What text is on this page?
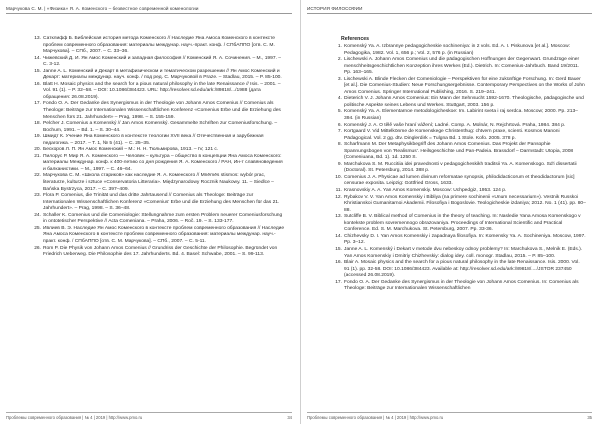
Марчукова С. М. | «Физика» Я. А. Коменского – безвестное современной коменологии
13. Сатклифф Б. Библейская история метода Коменского // Наследие Яна Амоса Коменского в контексте проблем современного образования: материалы междунар. науч.-практ. конф. / СПбАППО [отв. С. М. Марчукова]. – СПб., 2007. – С. 33–36.
14. Чижевский Д. И. Ян Амос Коменский и западная философия // Коменский Я. А. Сочинения. – М., 1997. – С. 3-12.
15. Janne A. L. Коменский и Декарт в метафизическом и тематическом разрешении // Ян Амос Коменский и Декарт: материалы междунар. науч. конф. / под ред. С. Марчуковой в Praze. – Stadlau, 2015. – P. 85-100.
16. Blatt H. Mosaic physics and the search for a pious natural philosophy in the late Renaissance // Isis. – 2001. – Vol. 91 (1). – P. 32–58. – DOI: 10.1086/384423. URL: http://resolver.sd.edu/ark:/89818/.../1988 (дата обращения: 26.08.2019).
17. Fondo O. A. Der Gedanke des Synergismus in der Theologie von Johann Amos Comenius // Comenius als Theologe: Beiträge zur Internationalen Wissenschaftlichen Konferenz «Comenius Erbe und die Erziehung des Menschen fürs 21. Jahrhundert» – Prag, 1998. – S. 155-159.
18. Pelcher J. Comenius a Komenský // Jan Amos Komenský. Gesammelte Schriften zur Comeniusforschung. – Bochum, 1991. – Bd. 1. – S. 30–44.
19. Шмидт К. Учение Яна Коменского в контексте теологии XVII века // Отечественная и зарубежная педагогика. – 2017. – Т. 1, № 5 (41). – С. 25–35.
20. Бескоров Л. П. Ян Амос Коменский – М.: Н. Н. Тюльмирова, 1913. – IV, 121 с.
21. Пилорус Р. Мир Я. А. Коменского — Человек – культура – общество в концепции Яна Амоса Коменского: материалы Междунар. конф. к 400-летию со дня рождения Я. А. Коменского / РАН, Ин-т славяноведения и балканистики. – М., 1997. – С. 46–64.
22. Марчукова С. М. «Школа стариков» как наследие Я. А. Коменского // Mnēmēs stismos: wybór prac, literaturze, kulturze i sztuce «Conservatoria Litteraria». Międzynarodowy Rocznik Naukowy. 11. – Siedlce – Bańska Bystrzyca, 2017. – C. 397–409.
23. Flora P. Comenius, die Trinität und das dritte Jahrtausend // Comenius als Theologe: Beiträge zur Internationalen Wissenschaftlichen Konferenz «Comenius' Erbe und die Erziehung des Menschen für das 21. Jahrhundert». – Prag, 1998. – S. 36–48.
24. Schaller K. Comenius und die Comeniologie: Stellungnahme zum ersten Problem neuerer Comeniusforschung in ontotetischer Perspektive // Acta Comeniana. – Praha, 2006. – Roč. 19. – S. 133-177.
25. Ивлиев В. Э. Наследие Ян Амос Коменского в контексте проблем современного образования // Наследие Яна Амоса Коменского в контексте проблем современного образования: материалы междунар. науч.-практ. конф. / СПбАППО [отв. С. М. Марчукова]. – СПб., 2007. – С. 5-11.
26. Rom P. Die Physik von Johann Amos Comenius // Grundriss der Geschichte der Philosophie. Begründet von Friedrich Ueberweg. Die Philosophie des 17. Jahrhunderts. Bd. 4. Basel: Schwabe, 2001. – S. 99-113.
Проблемы современного образования | № 4 | 2019 | http://www.pmo.ru	34
ИСТОРИЯ ФИЛОСОФИИ
References
1. Komenský Ya. A. Izbrannye pedagogicheskie sochineniya: in 2 vols. Ed. A. I. Piskunova [et al.]. Moscow: Pedagogika, 1982. Vol. 1, 656 p.; Vol. 2, 576 p. (in Russian)
2. Lischewski A. Johann Amos Comenius und die pädagogischen Hoffnungen der Gegenwart. Grundzüge einer menschheitsgeschichtlichen Konzeption ihres Werkes (Ed.). Dietrich. In: Comenius-Jahrbuch. Band 19/2011. Pp. 163–165.
3. Lischewski A. Blinde Flecken der Comeniologie – Perspektiven für eine zukünftige Forschung. In: Gerd Bauer [et al.]. Die Comenius-Studien: Neue Forschungsergebnisse. Contemporary Perspectives on the Works of John Amos Comenius. Springer International Publishing, 2016. S. 219–241.
4. Dieterich V. J. Johann Amos Comenius: Ein Mann der Sehnsucht 1592-1670. Theologische, pädagogische und politische Aspekte seines Lebens und Werkes. Stuttgart, 2003. 156 p.
5. Komenský Ya. A. Elementarnoe metodologicheskoe: Im. Labirint sveta i raj serdca. Moscow; 2000. Pp. 213–394. (in Russian)
6. Komenský J. A. O tělě vaše hraní vážení; Ladné. Comp. A. Molnár, N. Rejchrtová. Praha, 1984. 384 p.
7. Kortgaard V. Vid Mittelkönme de Komenskege Christenthug: chtvern praxe, scienti. Kosmos Manoni Pädagogical. Vol. 2 gg. dtv. Dinglerdirk = Tulgna Bd. 1 Stole. Kofo. 2005. 378 p.
8. Scharfmann M. Der Metaphysikbegriff des Johann Amos Comenius. Das Projekt der Pansophie Spannungsbogen von 'Realismus'. Heilsgeschichte und Pan-Padeia. Brassdorf – Darmstadt: Utopia, 2008 (Comeniuana, Bd. 1). 1d. 1250 S.
9. Marchukova S. M. Ruccitiia idei pravednosti v pedagogicheskikh traditsii Ya. A. Komenskogo. Sd'i dissertatii (Doctoral). St. Petersburg, 2014. 388 p.
10. Comenius J. A. Physicae ad lumen divinum reformatae synopsis, philodidacticorum et theodidactorum [sic] censurae exposita. Leipzig: Gottfried Gross, 1633.
11. Krasnovskiy A. A. Yan Amos Komenskiy. Moscow: Uchpedgiz, 1953. 124 p.
12. Rybakov V. V. Yan Amos Komenskiy i Bibliya (na primere sochinenii «Unum necessarium»). Vestnik Russkoi Khristianskoi Gumanitarnoi Akademii. Filosofiya i Bogoslovie. Teologicheskie izdaniya; 2012. No. 1 (41). pp. 80–88.
13. Sutcliffe B. V. Biblical method of Comenius in the theory of teaching. In: Nasledie Yana Amosa Komenskogo v kontekste problem sovremennogo obrazovaniya. Proceedings of International Scientific and Practical Conference. Ed. S. M. Marchukova. St. Petersburg, 2007. Pp. 33-36.
14. Chizhevsky D. I. Yan Amos Komenskiy i zapadnaya filosofiya. In: Komensky Ya. A. Sochineniya. Moscow, 1997. Pp. 3–12.
15. Janne A. L. Komenský i Dekart v metode dvu nebeskoy odnoy problemy? In: Marchukova S., Melnik E. (Eds.). Yan Amos Komenskiy i Dmitriy Chizhevskiy: dialog idey. coll. monogr. Stadlau, 2015. – P. 85–100.
16. Blair A. Mosaic physics and the search for a pious natural philosophy in the late Renaissance. Isis. 2000. Vol. 91 (1). pp. 32-58. DOI: 10.1086/384423. Available at: http://resolver.sd.edu/ark:/89818/..../JSTOR 237450 (accessed 26.08.2019).
17. Fondo O. A. Der Gedanke des Synergismus in der Theologie von Johann Amos Comenius. In: Comenius als Theologe: Beiträge zur Internationalen Wissenschaftlichen
Проблемы современного образования | № 4 | 2019 | http://www.pmo.ru	35
